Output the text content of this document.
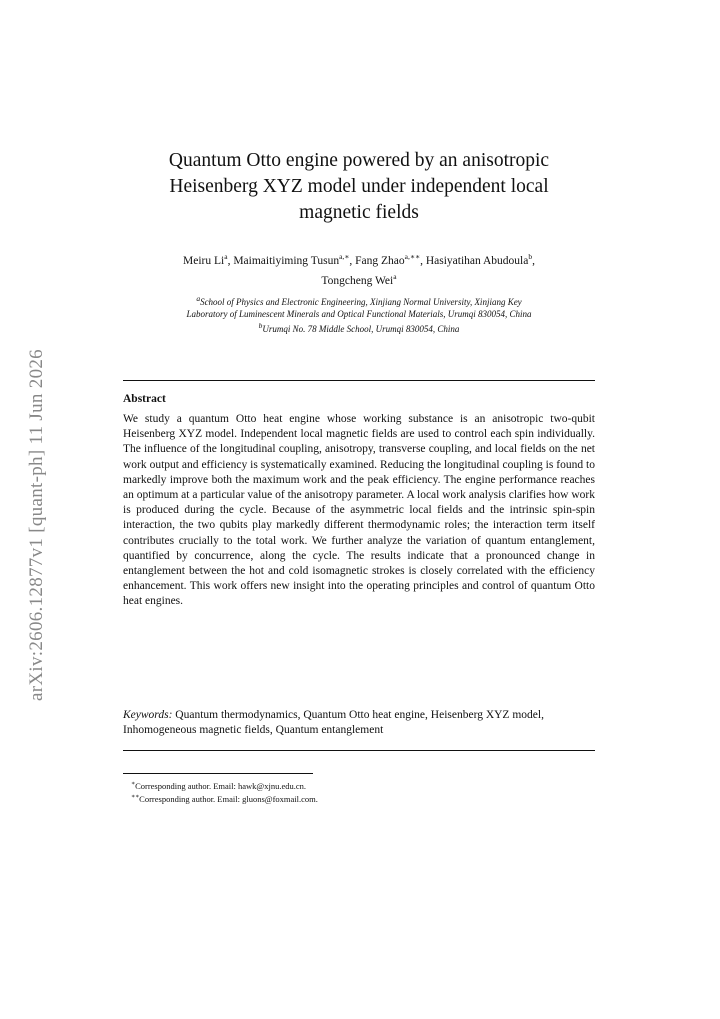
arXiv:2606.12877v1 [quant-ph] 11 Jun 2026
Quantum Otto engine powered by an anisotropic
Heisenberg XYZ model under independent local
magnetic fields
Meiru Li$^a$, Maimaitiyiming Tusun$^{a,∗}$, Fang Zhao$^{a,∗∗}$, Hasiyatihan Abudoula$^b$,
Tongcheng Wei$^a$
$^a$School of Physics and Electronic Engineering, Xinjiang Normal University, Xinjiang Key
Laboratory of Luminescent Minerals and Optical Functional Materials, Urumqi 830054, China
$^b$Urumqi No. 78 Middle School, Urumqi 830054, China
Abstract
We study a quantum Otto heat engine whose working substance is an anisotropic two-qubit Heisenberg XYZ model. Independent local magnetic fields are used to control each spin individually. The influence of the longitudinal coupling, anisotropy, transverse coupling, and local fields on the net work output and efficiency is systematically examined. Reducing the longitudinal coupling is found to markedly improve both the maximum work and the peak efficiency. The engine performance reaches an optimum at a particular value of the anisotropy parameter. A local work analysis clarifies how work is produced during the cycle. Because of the asymmetric local fields and the intrinsic spin-spin interaction, the two qubits play markedly different thermodynamic roles; the interaction term itself contributes crucially to the total work. We further analyze the variation of quantum entanglement, quantified by concurrence, along the cycle. The results indicate that a pronounced change in entanglement between the hot and cold isomagnetic strokes is closely correlated with the efficiency enhancement. This work offers new insight into the operating principles and control of quantum Otto heat engines.
Keywords: Quantum thermodynamics, Quantum Otto heat engine, Heisenberg XYZ model, Inhomogeneous magnetic fields, Quantum entanglement
∗Corresponding author. Email: hawk@xjnu.edu.cn.
∗∗Corresponding author. Email: gluons@foxmail.com.
